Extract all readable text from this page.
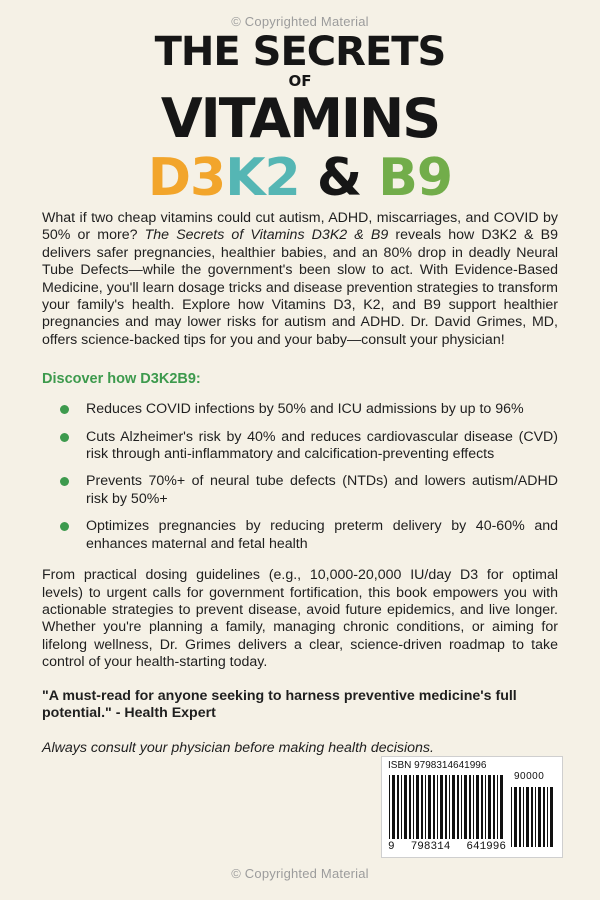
© Copyrighted Material
THE SECRETS
OF
VITAMINS
D3K2 & B9

What if two cheap vitamins could cut autism, ADHD, miscarriages, and COVID by 50% or more? The Secrets of Vitamins D3K2 & B9 reveals how D3K2 & B9 delivers safer pregnancies, healthier babies, and an 80% drop in deadly Neural Tube Defects—while the government's been slow to act. With Evidence-Based Medicine, you'll learn dosage tricks and disease prevention strategies to transform your family's health. Explore how Vitamins D3, K2, and B9 support healthier pregnancies and may lower risks for autism and ADHD. Dr. David Grimes, MD, offers science-backed tips for you and your baby—consult your physician!

Discover how D3K2B9:
Reduces COVID infections by 50% and ICU admissions by up to 96%
Cuts Alzheimer's risk by 40% and reduces cardiovascular disease (CVD) risk through anti-inflammatory and calcification-preventing effects
Prevents 70%+ of neural tube defects (NTDs) and lowers autism/ADHD risk by 50%+
Optimizes pregnancies by reducing preterm delivery by 40-60% and enhances maternal and fetal health

From practical dosing guidelines (e.g., 10,000-20,000 IU/day D3 for optimal levels) to urgent calls for government fortification, this book empowers you with actionable strategies to prevent disease, avoid future epidemics, and live longer. Whether you're planning a family, managing chronic conditions, or aiming for lifelong wellness, Dr. Grimes delivers a clear, science-driven roadmap to take control of your health-starting today.

"A must-read for anyone seeking to harness preventive medicine's full potential." - Health Expert

Always consult your physician before making health decisions.

ISBN 9798314641996
90000
9 798314 641996
© Copyrighted Material
